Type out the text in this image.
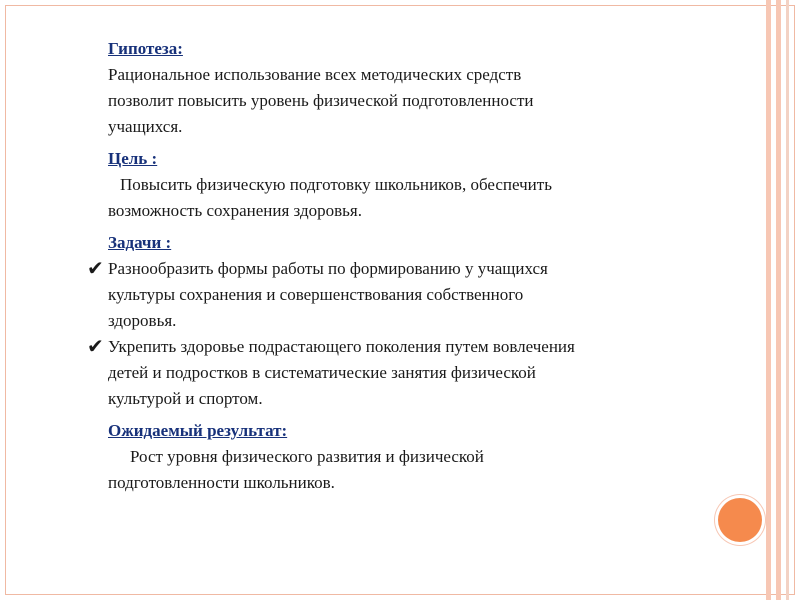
Гипотеза:

Рациональное использование всех методических средств позволит повысить уровень физической подготовленности учащихся.

Цель :

Повысить физическую подготовку школьников, обеспечить возможность сохранения здоровья.

Задачи :

✔ Разнообразить формы работы по формированию у учащихся культуры сохранения и совершенствования собственного здоровья.

✔ Укрепить здоровье подрастающего поколения путем вовлечения детей и подростков в систематические занятия физической культурой и спортом.

Ожидаемый результат:

Рост уровня физического развития и физической подготовленности школьников.
